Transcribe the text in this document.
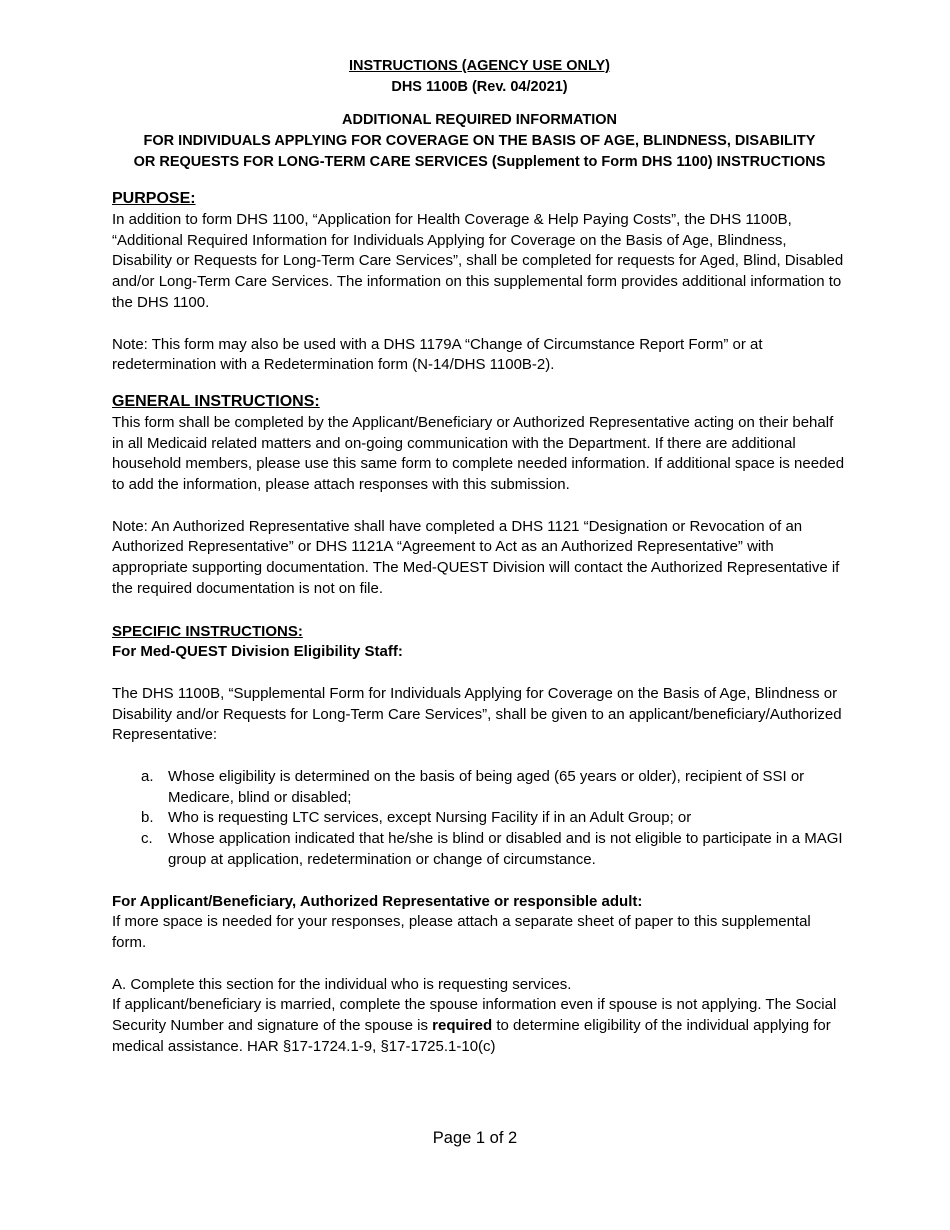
INSTRUCTIONS (AGENCY USE ONLY)
DHS 1100B (Rev. 04/2021)
ADDITIONAL REQUIRED INFORMATION
FOR INDIVIDUALS APPLYING FOR COVERAGE ON THE BASIS OF AGE, BLINDNESS, DISABILITY
OR REQUESTS FOR LONG-TERM CARE SERVICES (Supplement to Form DHS 1100) INSTRUCTIONS
PURPOSE:

In addition to form DHS 1100, “Application for Health Coverage & Help Paying Costs”, the DHS 1100B, “Additional Required Information for Individuals Applying for Coverage on the Basis of Age, Blindness, Disability or Requests for Long-Term Care Services”, shall be completed for requests for Aged, Blind, Disabled and/or Long-Term Care Services. The information on this supplemental form provides additional information to the DHS 1100.

Note: This form may also be used with a DHS 1179A “Change of Circumstance Report Form” or at redetermination with a Redetermination form (N-14/DHS 1100B-2).

GENERAL INSTRUCTIONS:

This form shall be completed by the Applicant/Beneficiary or Authorized Representative acting on their behalf in all Medicaid related matters and on-going communication with the Department. If there are additional household members, please use this same form to complete needed information. If additional space is needed to add the information, please attach responses with this submission.

Note: An Authorized Representative shall have completed a DHS 1121 “Designation or Revocation of an Authorized Representative” or DHS 1121A “Agreement to Act as an Authorized Representative” with appropriate supporting documentation. The Med-QUEST Division will contact the Authorized Representative if the required documentation is not on file.

SPECIFIC INSTRUCTIONS:

For Med-QUEST Division Eligibility Staff:

The DHS 1100B, “Supplemental Form for Individuals Applying for Coverage on the Basis of Age, Blindness or Disability and/or Requests for Long-Term Care Services”, shall be given to an applicant/beneficiary/Authorized Representative:

a. Whose eligibility is determined on the basis of being aged (65 years or older), recipient of SSI or Medicare, blind or disabled;
b. Who is requesting LTC services, except Nursing Facility if in an Adult Group; or
c. Whose application indicated that he/she is blind or disabled and is not eligible to participate in a MAGI group at application, redetermination or change of circumstance.

For Applicant/Beneficiary, Authorized Representative or responsible adult:

If more space is needed for your responses, please attach a separate sheet of paper to this supplemental form.

A. Complete this section for the individual who is requesting services.

If applicant/beneficiary is married, complete the spouse information even if spouse is not applying. The Social Security Number and signature of the spouse is required to determine eligibility of the individual applying for medical assistance. HAR §17-1724.1-9, §17-1725.1-10(c)

Page 1 of 2
